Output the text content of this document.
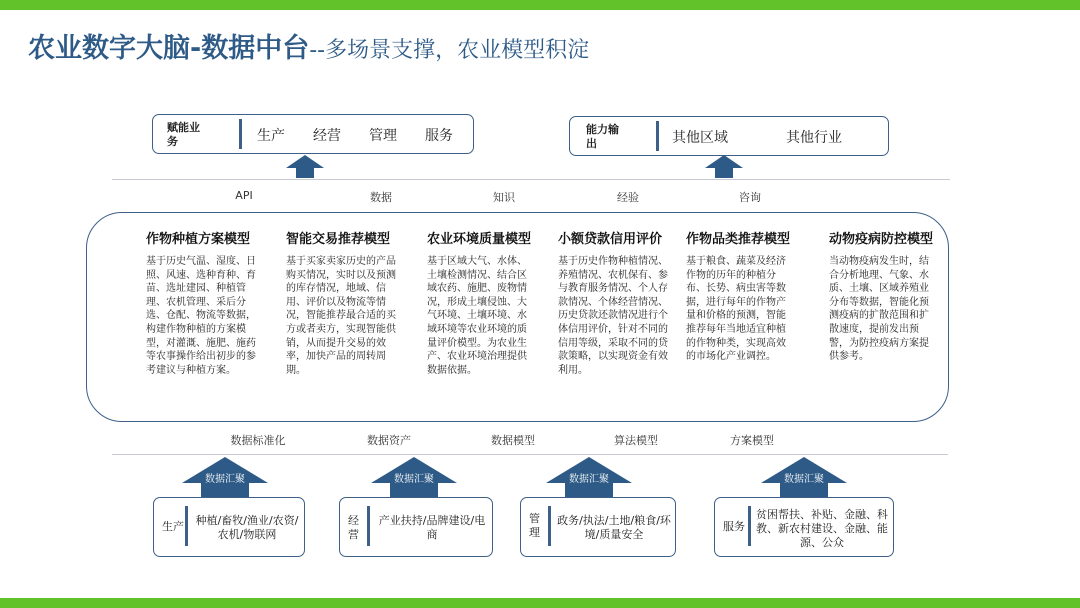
农业数字大脑-数据中台--多场景支撑，农业模型积淀
赋能业务	生产 经营 管理 服务	能力输出	其他区域	其他行业
API	数据	知识	经验	咨询
作物种植方案模型
基于历史气温、湿度、日照、风速、选种育种、育苗、选址建园、种植管理、农机管理、采后分选、仓配、物流等数据，构建作物种植的方案模型，对灌溉、施肥、施药等农事操作给出初步的参考建议与种植方案。
智能交易推荐模型
基于买家卖家历史的产品购买情况，实时以及预测的库存情况，地域、信用、评价以及物流等情况，智能推荐最合适的买方或者卖方，实现智能供销，从而提升交易的效率，加快产品的周转周期。
农业环境质量模型
基于区域大气、水体、土壤检测情况、结合区域农药、施肥、废物情况，形成土壤侵蚀、大气环境、土壤环境、水域环境等农业环境的质量评价模型。为农业生产、农业环境治理提供数据依据。
小额贷款信用评价
基于历史作物种植情况、养殖情况、农机保有、参与教育服务情况、个人存款情况、个体经营情况、历史贷款还款情况进行个体信用评价，针对不同的信用等级，采取不同的贷款策略，以实现资金有效利用。
作物品类推荐模型
基于粮食、蔬菜及经济作物的历年的种植分布、长势、病虫害等数据，进行每年的作物产量和价格的预测，智能推荐每年当地适宜种植的作物种类，实现高效的市场化产业调控。
动物疫病防控模型
当动物疫病发生时，结合分析地理、气象、水质、土壤、区域养殖业分布等数据，智能化预测疫病的扩散范围和扩散速度，提前发出预警，为防控疫病方案提供参考。
数据标准化	数据资产	数据模型	算法模型	方案模型
数据汇聚	数据汇聚	数据汇聚	数据汇聚
生产	种植/畜牧/渔业/农资/农机/物联网
经营
产业扶持/品牌建设/电商
管理
政务/执法/土地/粮食/环境/质量安全
服务
贫困帮扶、补贴、金融、科教、新农村建设、金融、能源、公众
